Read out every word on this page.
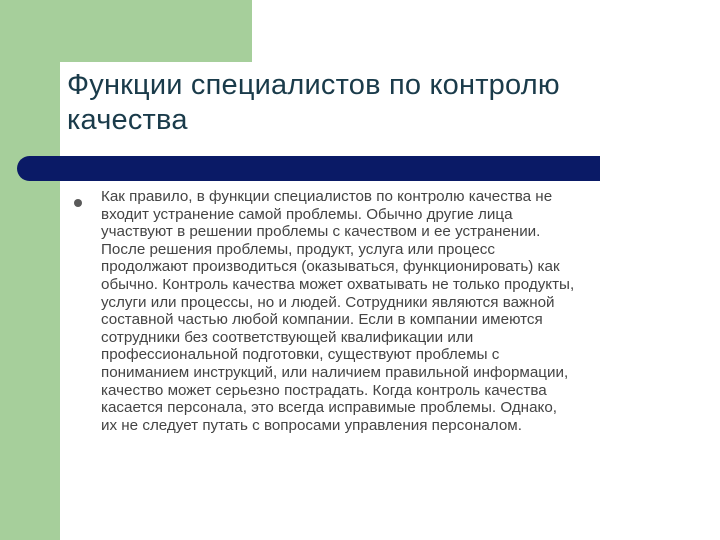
Функции специалистов по контролю
качества

Как правило, в функции специалистов по контролю качества не
входит устранение самой проблемы. Обычно другие лица
участвуют в решении проблемы с качеством и ее устранении.
После решения проблемы, продукт, услуга или процесс
продолжают производиться (оказываться, функционировать) как
обычно. Контроль качества может охватывать не только продукты,
услуги или процессы, но и людей. Сотрудники являются важной
составной частью любой компании. Если в компании имеются
сотрудники без соответствующей квалификации или
профессиональной подготовки, существуют проблемы с
пониманием инструкций, или наличием правильной информации,
качество может серьезно пострадать. Когда контроль качества
касается персонала, это всегда исправимые проблемы. Однако,
их не следует путать с вопросами управления персоналом.
